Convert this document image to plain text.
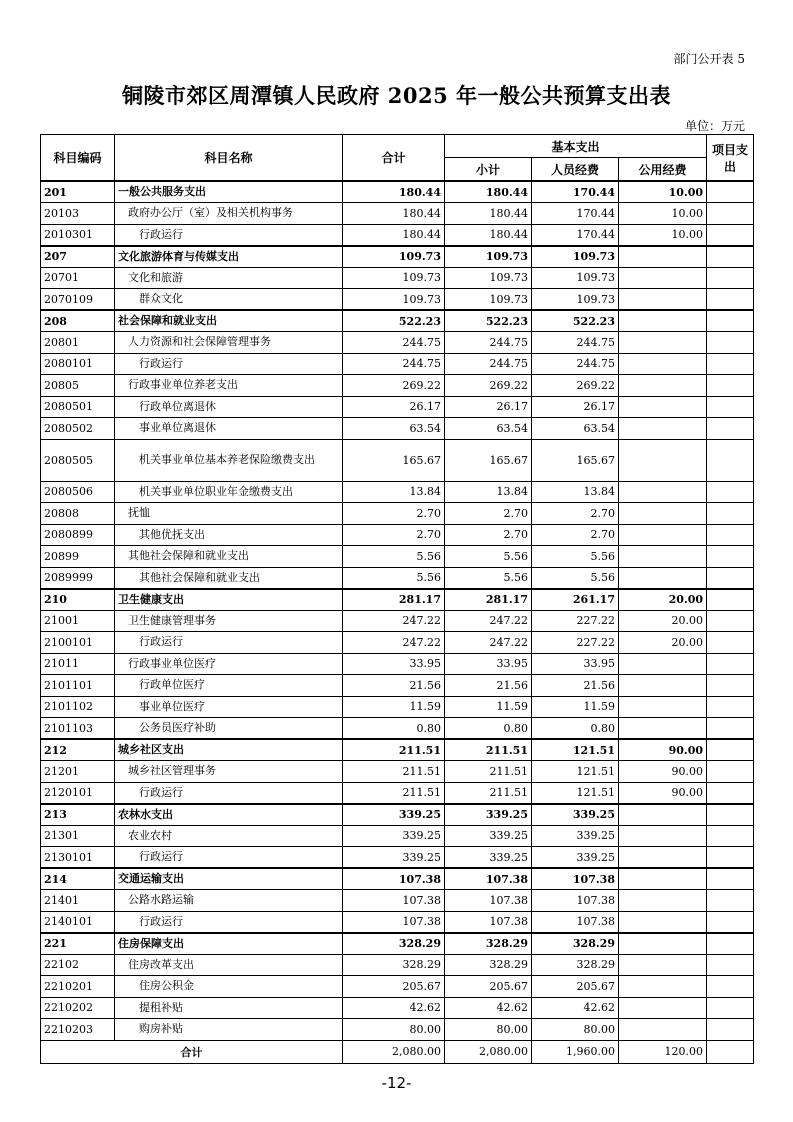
部门公开表 5
铜陵市郊区周潭镇人民政府 2025 年一般公共预算支出表
单位：万元
科目编码	科目名称	合计	基本支出			项目支出
			小计	人员经费	公用经费	
201	一般公共服务支出	180.44	180.44	170.44	10.00	
20103	政府办公厅（室）及相关机构事务	180.44	180.44	170.44	10.00	
2010301	行政运行	180.44	180.44	170.44	10.00	
207	文化旅游体育与传媒支出	109.73	109.73	109.73		
20701	文化和旅游	109.73	109.73	109.73		
2070109	群众文化	109.73	109.73	109.73		
208	社会保障和就业支出	522.23	522.23	522.23		
20801	人力资源和社会保障管理事务	244.75	244.75	244.75		
2080101	行政运行	244.75	244.75	244.75		
20805	行政事业单位养老支出	269.22	269.22	269.22		
2080501	行政单位离退休	26.17	26.17	26.17		
2080502	事业单位离退休	63.54	63.54	63.54		
2080505	机关事业单位基本养老保险缴费支出	165.67	165.67	165.67		
2080506	机关事业单位职业年金缴费支出	13.84	13.84	13.84		
20808	抚恤	2.70	2.70	2.70		
2080899	其他优抚支出	2.70	2.70	2.70		
20899	其他社会保障和就业支出	5.56	5.56	5.56		
2089999	其他社会保障和就业支出	5.56	5.56	5.56		
210	卫生健康支出	281.17	281.17	261.17	20.00	
21001	卫生健康管理事务	247.22	247.22	227.22	20.00	
2100101	行政运行	247.22	247.22	227.22	20.00	
21011	行政事业单位医疗	33.95	33.95	33.95		
2101101	行政单位医疗	21.56	21.56	21.56		
2101102	事业单位医疗	11.59	11.59	11.59		
2101103	公务员医疗补助	0.80	0.80	0.80		
212	城乡社区支出	211.51	211.51	121.51	90.00	
21201	城乡社区管理事务	211.51	211.51	121.51	90.00	
2120101	行政运行	211.51	211.51	121.51	90.00	
213	农林水支出	339.25	339.25	339.25		
21301	农业农村	339.25	339.25	339.25		
2130101	行政运行	339.25	339.25	339.25		
214	交通运输支出	107.38	107.38	107.38		
21401	公路水路运输	107.38	107.38	107.38		
2140101	行政运行	107.38	107.38	107.38		
221	住房保障支出	328.29	328.29	328.29		
22102	住房改革支出	328.29	328.29	328.29		
2210201	住房公积金	205.67	205.67	205.67		
2210202	提租补贴	42.62	42.62	42.62		
2210203	购房补贴	80.00	80.00	80.00		
合计		2,080.00	2,080.00	1,960.00	120.00	
-12-
